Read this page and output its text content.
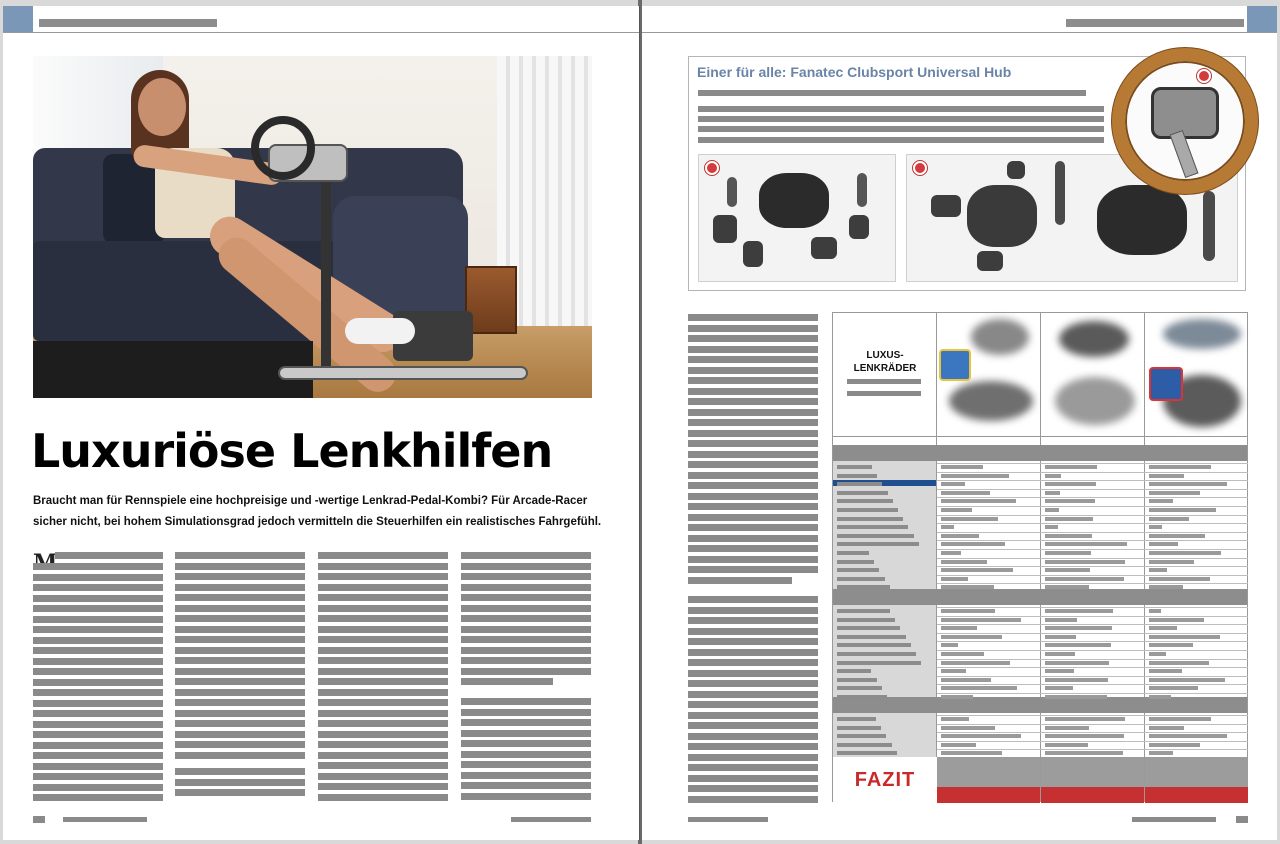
Luxuriöse Lenkhilfen
Braucht man für Rennspiele eine hochpreisige und -wertige Lenkrad-Pedal-Kombi? Für Arcade-Racer sicher nicht, bei hohem Simulationsgrad jedoch vermitteln die Steuerhilfen ein realistisches Fahrgefühl.
Einer für alle: Fanatec Clubsport Universal Hub
LUXUS-
LENKRÄDER
FAZIT
